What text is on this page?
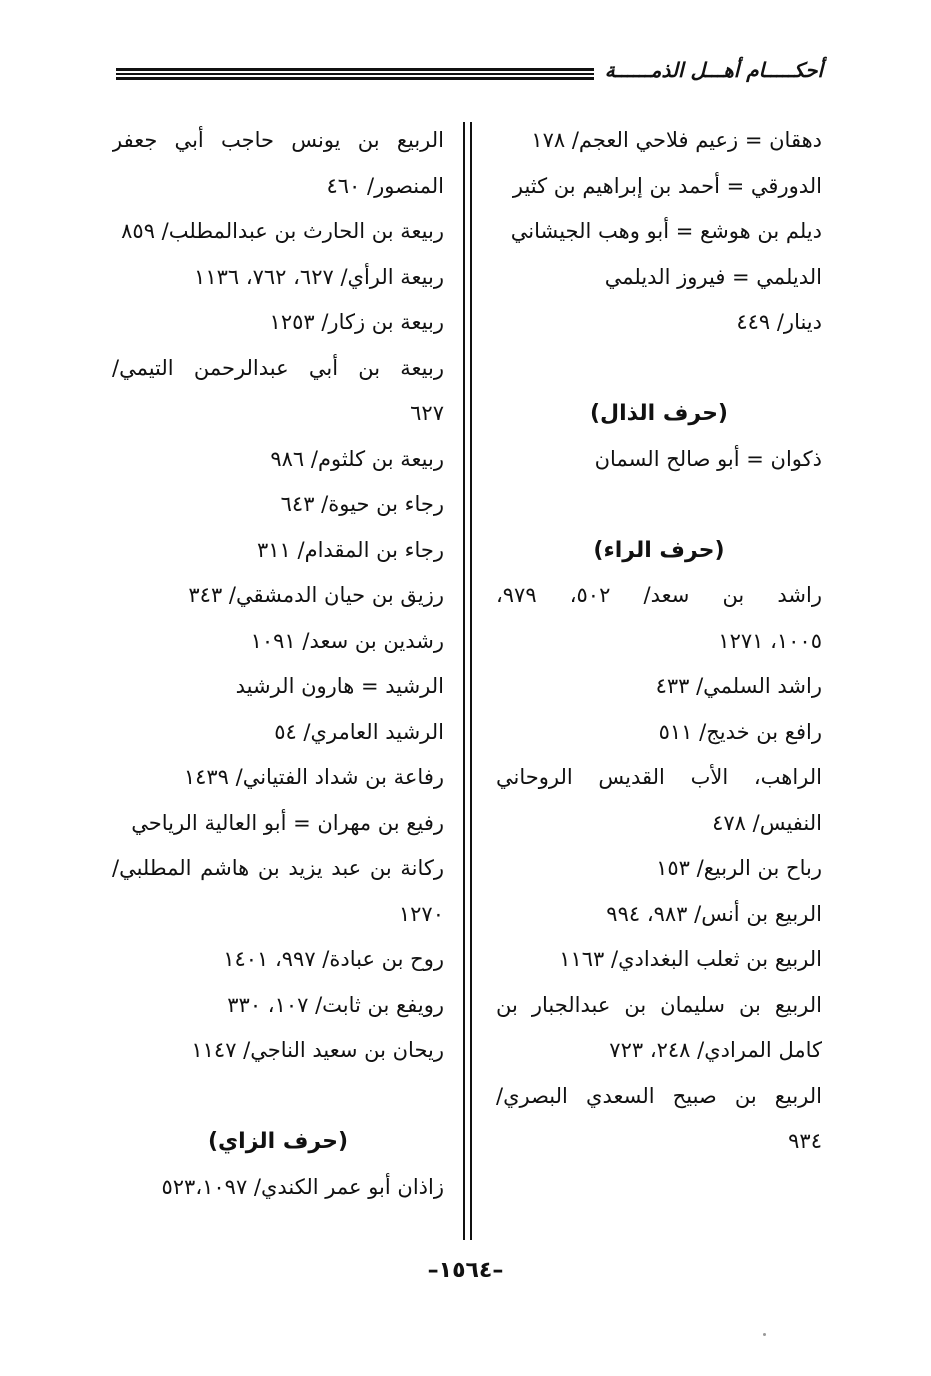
أحكـــــام أهـــل الذمــــــة
دهقان = زعيم فلاحي العجم/ ١٧٨
الدورقي = أحمد بن إبراهيم بن كثير
ديلم بن هوشع = أبو وهب الجيشاني
الديلمي = فيروز الديلمي
دينار/ ٤٤٩
(حرف الذال)
ذكوان = أبو صالح السمان
(حرف الراء)
راشد بن سعد/ ٥٠٢، ٩٧٩،
١٠٠٥، ١٢٧١
راشد السلمي/ ٤٣٣
رافع بن خديج/ ٥١١
الراهب، الأب القديس الروحاني
النفيس/ ٤٧٨
رباح بن الربيع/ ١٥٣
الربيع بن أنس/ ٩٨٣، ٩٩٤
الربيع بن ثعلب البغدادي/ ١١٦٣
الربيع بن سليمان بن عبدالجبار بن
كامل المرادي/ ٢٤٨، ٧٢٣
الربيع بن صبيح السعدي البصري/
٩٣٤
الربيع بن يونس حاجب أبي جعفر
المنصور/ ٤٦٠
ربيعة بن الحارث بن عبدالمطلب/ ٨٥٩
ربيعة الرأي/ ٦٢٧، ٧٦٢، ١١٣٦
ربيعة بن زكار/ ١٢٥٣
ربيعة بن أبي عبدالرحمن التيمي/
٦٢٧
ربيعة بن كلثوم/ ٩٨٦
رجاء بن حيوة/ ٦٤٣
رجاء بن المقدام/ ٣١١
رزيق بن حيان الدمشقي/ ٣٤٣
رشدين بن سعد/ ١٠٩١
الرشيد = هارون الرشيد
الرشيد العامري/ ٥٤
رفاعة بن شداد الفتياني/ ١٤٣٩
رفيع بن مهران = أبو العالية الرياحي
ركانة بن عبد يزيد بن هاشم المطلبي/
١٢٧٠
روح بن عبادة/ ٩٩٧، ١٤٠١
رويفع بن ثابت/ ١٠٧، ٣٣٠
ريحان بن سعيد الناجي/ ١١٤٧
(حرف الزاي)
زاذان أبو عمر الكندي/ ٥٢٣،١٠٩٧
–١٥٦٤–
